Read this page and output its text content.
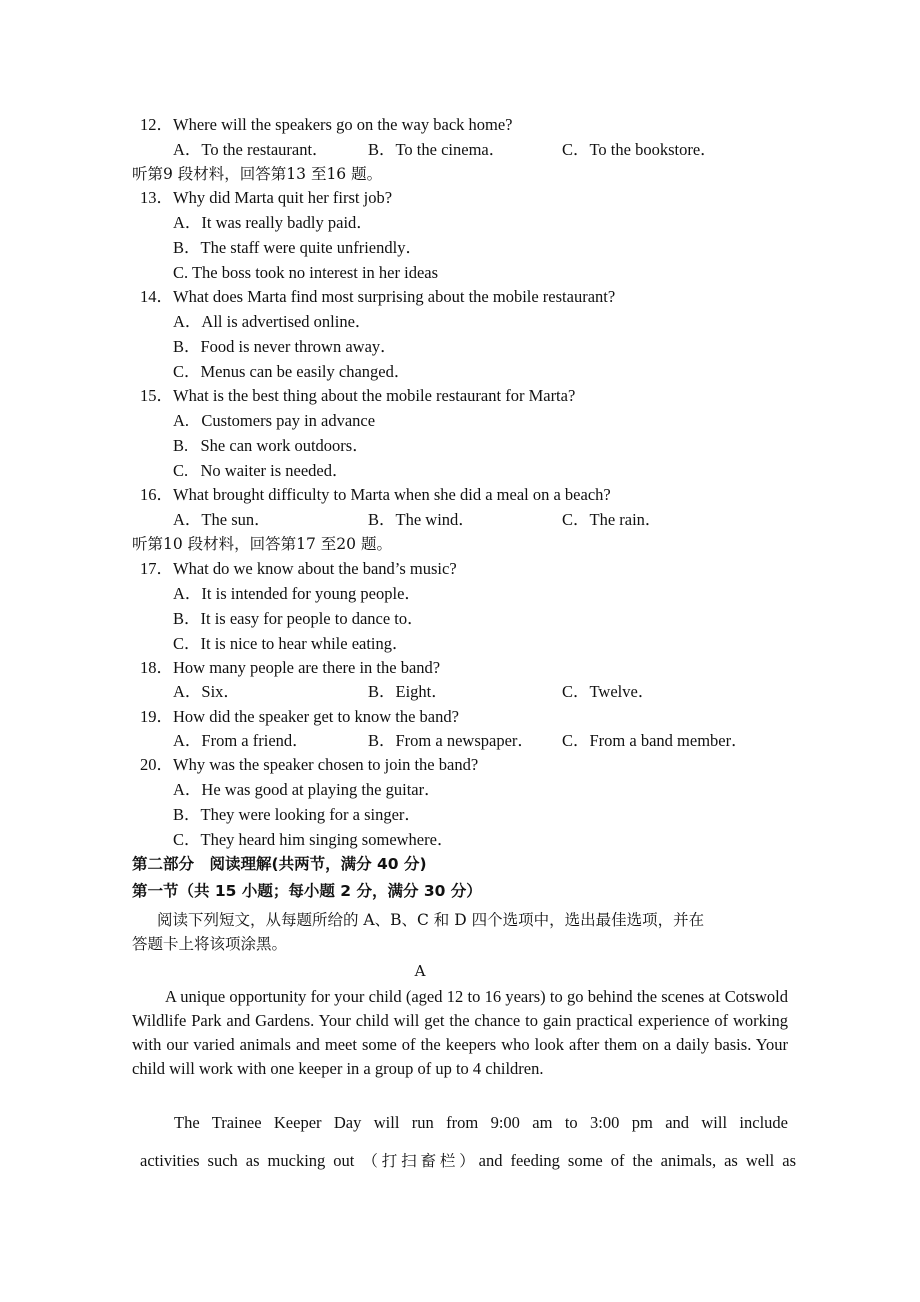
12．Where will the speakers go on the way back home?
A．To the restaurant． B．To the cinema．	C．To the bookstore．
听第9 段材料，回答第13 至16 题。
13．Why did Marta quit her first job?
A．It was really badly paid．
B．The staff were quite unfriendly．
C. The boss took no interest in her ideas
14．What does Marta find most surprising about the mobile restaurant?
A．All is advertised online．
B．Food is never thrown away．
C．Menus can be easily changed．
15．What is the best thing about the mobile restaurant for Marta?
A.   Customers pay in advance
B.   She can work outdoors．
C.   No waiter is needed．
16．What brought difficulty to Marta when she did a meal on a beach?
A．The sun．	B．The wind．	C．The rain．
听第10 段材料，回答第17 至20 题。
17．What do we know about the band’s music?
A．It is intended for young people．
B．It is easy for people to dance to．
C．It is nice to hear while eating．
18．How many people are there in the band?
A．Six．	B．Eight．	C．Twelve．
19．How did the speaker get to know the band?
A．From a friend．	B．From a newspaper． C．From a band member．
20．Why was the speaker chosen to join the band?
A．He was good at playing the guitar．
B．They were looking for a singer．
C．They heard him singing somewhere．
第二部分　阅读理解(共两节，满分 40 分)
第一节（共 15 小题；每小题 2 分，满分 30 分）
阅读下列短文，从每题所给的 A、B、C 和 D 四个选项中，选出最佳选项，并在
答题卡上将该项涂黑。
A
A unique opportunity for your child (aged 12 to 16 years) to go behind the scenes at Cotswold Wildlife Park and Gardens. Your child will get the chance to gain practical experience of working with our varied animals and meet some of the keepers who look after them on a daily basis. Your child will work with one keeper in a group of up to 4 children.
The Trainee Keeper Day will run from 9:00 am to 3:00 pm and will include
activities such as mucking out （打扫畜栏）and feeding some of the animals, as well as
